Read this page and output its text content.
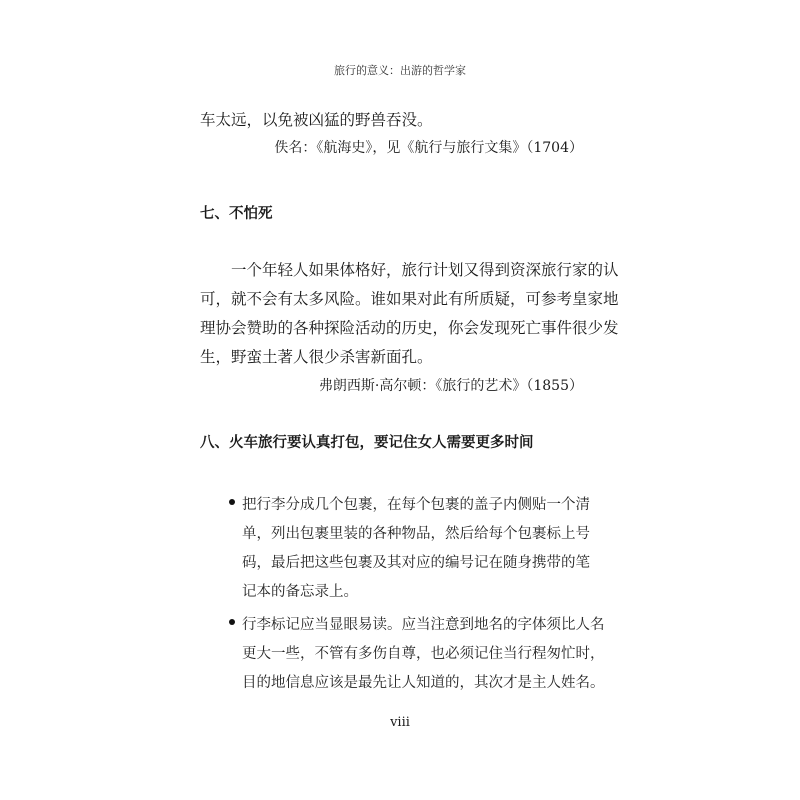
旅行的意义：出游的哲学家
车太远，以免被凶猛的野兽吞没。
佚名：《航海史》，见《航行与旅行文集》（1704）
七、不怕死
一个年轻人如果体格好，旅行计划又得到资深旅行家的认
可，就不会有太多风险。谁如果对此有所质疑，可参考皇家地
理协会赞助的各种探险活动的历史，你会发现死亡事件很少发
生，野蛮土著人很少杀害新面孔。
弗朗西斯·高尔顿：《旅行的艺术》（1855）
八、火车旅行要认真打包，要记住女人需要更多时间
把行李分成几个包裹，在每个包裹的盖子内侧贴一个清
单，列出包裹里装的各种物品，然后给每个包裹标上号
码，最后把这些包裹及其对应的编号记在随身携带的笔
记本的备忘录上。
行李标记应当显眼易读。应当注意到地名的字体须比人名
更大一些，不管有多伤自尊，也必须记住当行程匆忙时，
目的地信息应该是最先让人知道的，其次才是主人姓名。
viii
